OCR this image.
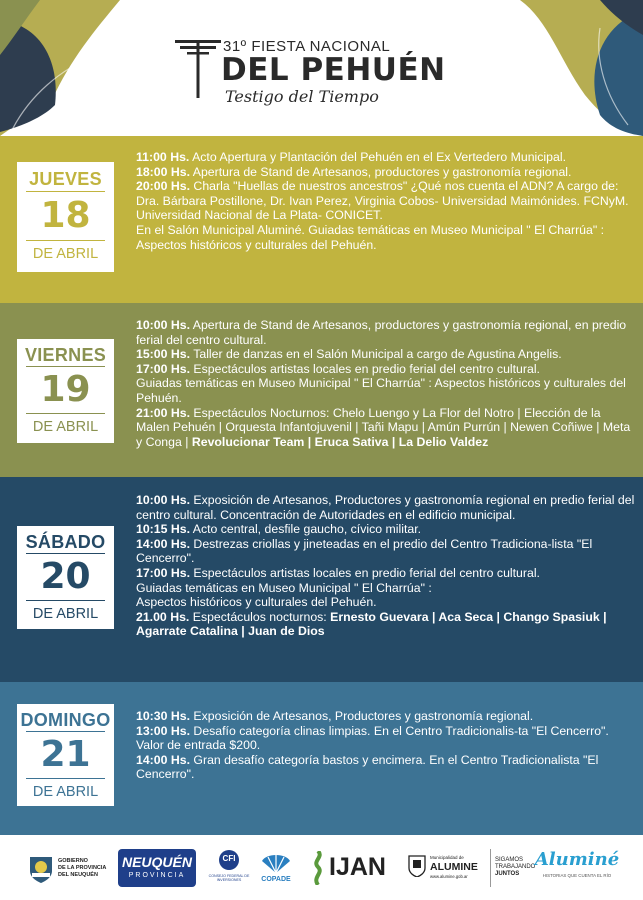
31º FIESTA NACIONAL
DEL PEHUÉN
Testigo del Tiempo
JUEVES
18
DE ABRIL
11:00 Hs. Acto Apertura y Plantación del Pehuén en el Ex Vertedero Municipal.
18:00 Hs. Apertura de Stand de Artesanos, productores y gastronomía regional.
20:00 Hs. Charla "Huellas de nuestros ancestros" ¿Qué nos cuenta el ADN? A cargo de: Dra. Bárbara Postillone, Dr. Ivan Perez, Virginia Cobos- Universidad Maimónides. FCNyM. Universidad Nacional de La Plata- CONICET.
En el Salón Municipal Aluminé. Guiadas temáticas en Museo Municipal " El Charrúa" : Aspectos históricos y culturales del Pehuén.
VIERNES
19
DE ABRIL
10:00 Hs. Apertura de Stand de Artesanos, productores y gastronomía regional, en predio ferial del centro cultural.
15:00 Hs. Taller de danzas en el Salón Municipal a cargo de Agustina Angelis.
17:00 Hs. Espectáculos artistas locales en predio ferial del centro cultural.
Guiadas temáticas en Museo Municipal " El Charrúa" : Aspectos históricos y culturales del Pehuén.
21:00 Hs. Espectáculos Nocturnos: Chelo Luengo y La Flor del Notro | Elección de la Malen Pehuén | Orquesta Infantojuvenil | Tañi Mapu | Amún Purrún | Newen Coñiwe | Meta y Conga | Revolucionar Team | Eruca Sativa | La Delio Valdez
SÁBADO
20
DE ABRIL
10:00 Hs. Exposición de Artesanos, Productores y gastronomía regional en predio ferial del centro cultural. Concentración de Autoridades en el edificio municipal.
10:15 Hs. Acto central, desfile gaucho, cívico militar.
14:00 Hs. Destrezas criollas y jineteadas en el predio del Centro Tradiciona-lista "El Cencerro".
17:00 Hs. Espectáculos artistas locales en predio ferial del centro cultural.
Guiadas temáticas en Museo Municipal " El Charrúa" :
Aspectos históricos y culturales del Pehuén.
21.00 Hs. Espectáculos nocturnos: Ernesto Guevara | Aca Seca | Chango Spasiuk | Agarrate Catalina | Juan de Dios
DOMINGO
21
DE ABRIL
10:30 Hs. Exposición de Artesanos, Productores y gastronomía regional.
13:00 Hs. Desafío categoría clinas limpias. En el Centro Tradicionalis-ta "El Cencerro". Valor de entrada $200.
14:00 Hs. Gran desafío categoría bastos y encimera. En el Centro Tradicionalista "El Cencerro".
GOBIERNO
DE LA PROVINCIA
DEL NEUQUÉN
NEUQUÉN
PROVINCIA
CFI
CONSEJO FEDERAL DE INVERSIONES	COPADE IJAN	Municipalidad de
ALUMINE
www.alumine.gob.ar
SIGAMOS
TRABAJANDO
JUNTOS
Aluminé
HISTORIAS QUE CUENTA EL RÍO
